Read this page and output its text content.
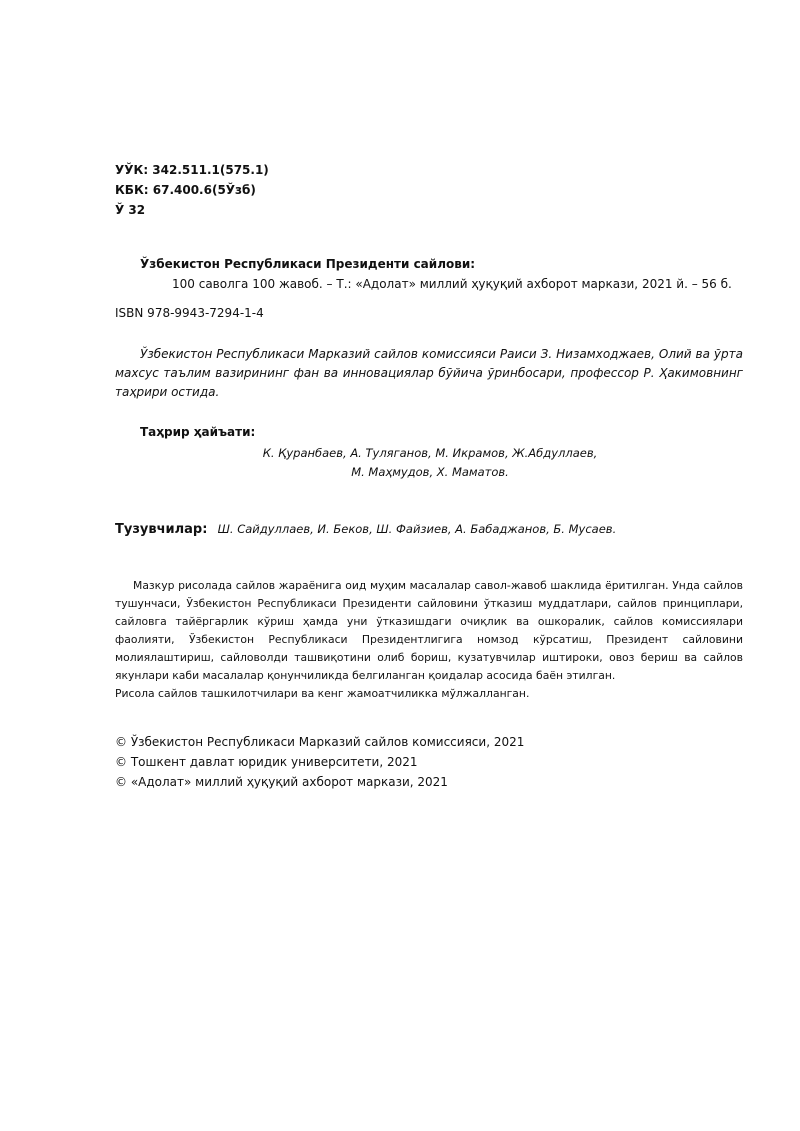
УЎК: 342.511.1(575.1)
КБК: 67.400.6(5Ўзб)
Ў 32
Ўзбекистон Республикаси Президенти сайлови:
100 саволга 100 жавоб. – Т.: «Адолат» миллий ҳуқуқий ахборот маркази, 2021 й. – 56 б.
ISBN 978-9943-7294-1-4
Ўзбекистон Республикаси Марказий сайлов комиссияси Раиси З. Низамходжаев, Олий ва ўрта махсус таълим вазирининг фан ва инновациялар бўйича ўринбосари, профессор Р. Ҳакимовнинг таҳрири остида.
Таҳрир ҳайъати:
К. Қуранбаев, А. Туляганов, М. Икрамов, Ж.Абдуллаев,
М. Маҳмудов, Х. Маматов.
Тузувчилар: Ш. Сайдуллаев, И. Беков, Ш. Файзиев, А. Бабаджанов, Б. Мусаев.

Мазкур рисолада сайлов жараёнига оид муҳим масалалар савол-жавоб шаклида ёритилган. Унда сайлов тушунчаси, Ўзбекистон Республикаси Президенти сайловини ўтказиш муддатлари, сайлов принциплари, сайловга тайёргарлик кўриш ҳамда уни ўтказишдаги очиқлик ва ошкоралик, сайлов комиссиялари фаолияти, Ўзбекистон Республикаси Президентлигига номзод кўрсатиш, Президент сайловини молиялаштириш, сайловолди ташвиқотини олиб бориш, кузатувчилар иштироки, овоз бериш ва сайлов якунлари каби масалалар қонунчиликда белгиланган қоидалар асосида баён этилган.

Рисола сайлов ташкилотчилари ва кенг жамоатчиликка мўлжалланган.

© Ўзбекистон Республикаси Марказий сайлов комиссияси, 2021
© Тошкент давлат юридик университети, 2021
© «Адолат» миллий ҳуқуқий ахборот маркази, 2021
